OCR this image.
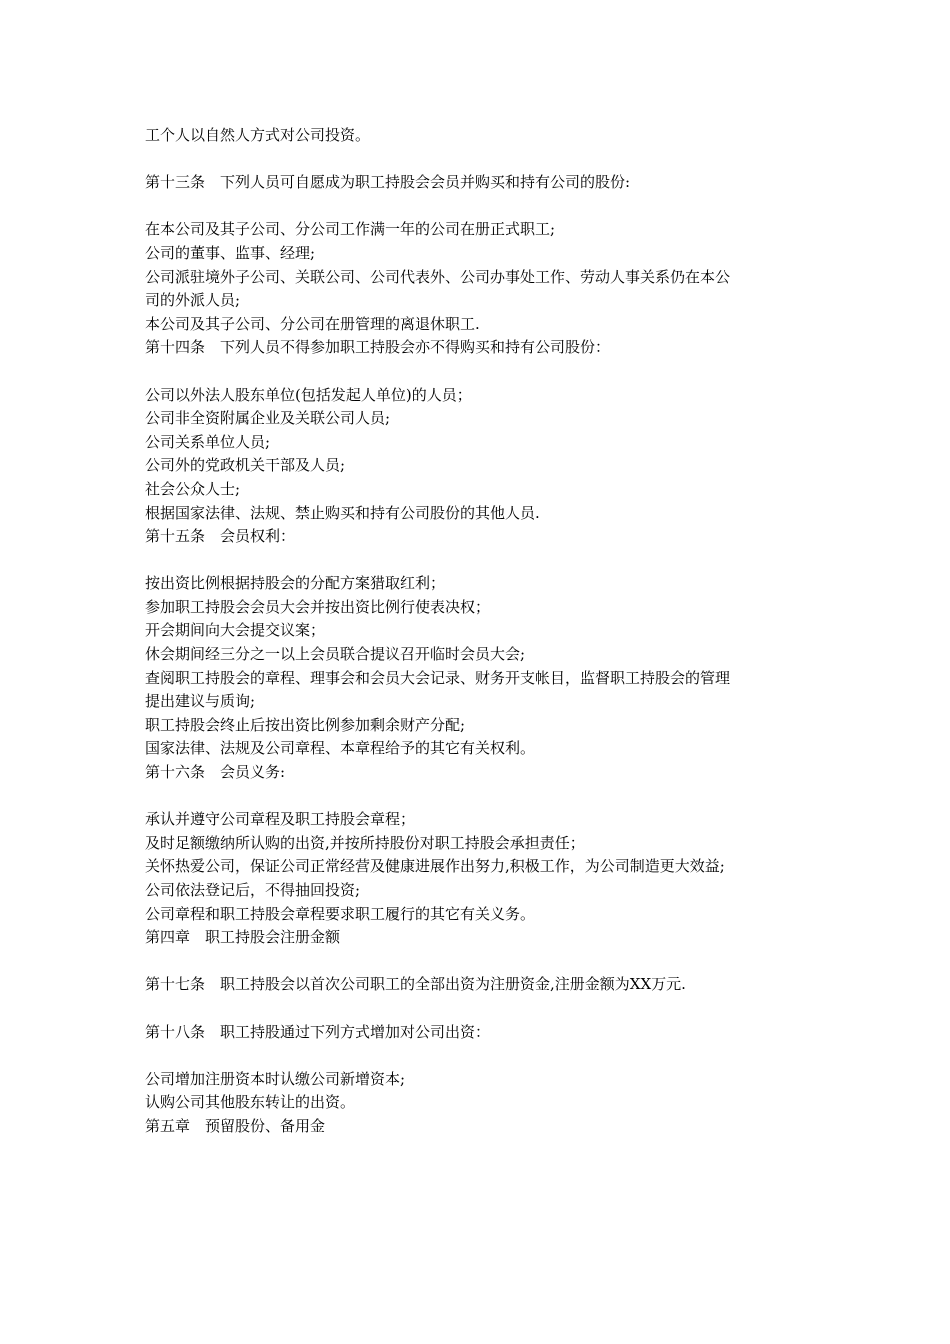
工个人以自然人方式对公司投资。
第十三条　下列人员可自愿成为职工持股会会员并购买和持有公司的股份:
在本公司及其子公司、分公司工作满一年的公司在册正式职工;
公司的董事、监事、经理;
公司派驻境外子公司、关联公司、公司代表外、公司办事处工作、劳动人事关系仍在本公
司的外派人员;
本公司及其子公司、分公司在册管理的离退休职工.
第十四条　下列人员不得参加职工持股会亦不得购买和持有公司股份：
公司以外法人股东单位(包括发起人单位)的人员；
公司非全资附属企业及关联公司人员;
公司关系单位人员;
公司外的党政机关干部及人员;
社会公众人士;
根据国家法律、法规、禁止购买和持有公司股份的其他人员.
第十五条　会员权利：
按出资比例根据持股会的分配方案猎取红利；
参加职工持股会会员大会并按出资比例行使表决权；
开会期间向大会提交议案；
休会期间经三分之一以上会员联合提议召开临时会员大会;
查阅职工持股会的章程、理事会和会员大会记录、财务开支帐目，监督职工持股会的管理
提出建议与质询;
职工持股会终止后按出资比例参加剩余财产分配;
国家法律、法规及公司章程、本章程给予的其它有关权利。
第十六条　会员义务:
承认并遵守公司章程及职工持股会章程；
及时足额缴纳所认购的出资,并按所持股份对职工持股会承担责任；
关怀热爱公司，保证公司正常经营及健康进展作出努力,积极工作，为公司制造更大效益;
公司依法登记后，不得抽回投资;
公司章程和职工持股会章程要求职工履行的其它有关义务。
第四章　职工持股会注册金额
第十七条　职工持股会以首次公司职工的全部出资为注册资金,注册金额为XX万元.
第十八条　职工持股通过下列方式增加对公司出资：
公司增加注册资本时认缴公司新增资本;
认购公司其他股东转让的出资。
第五章　预留股份、备用金
